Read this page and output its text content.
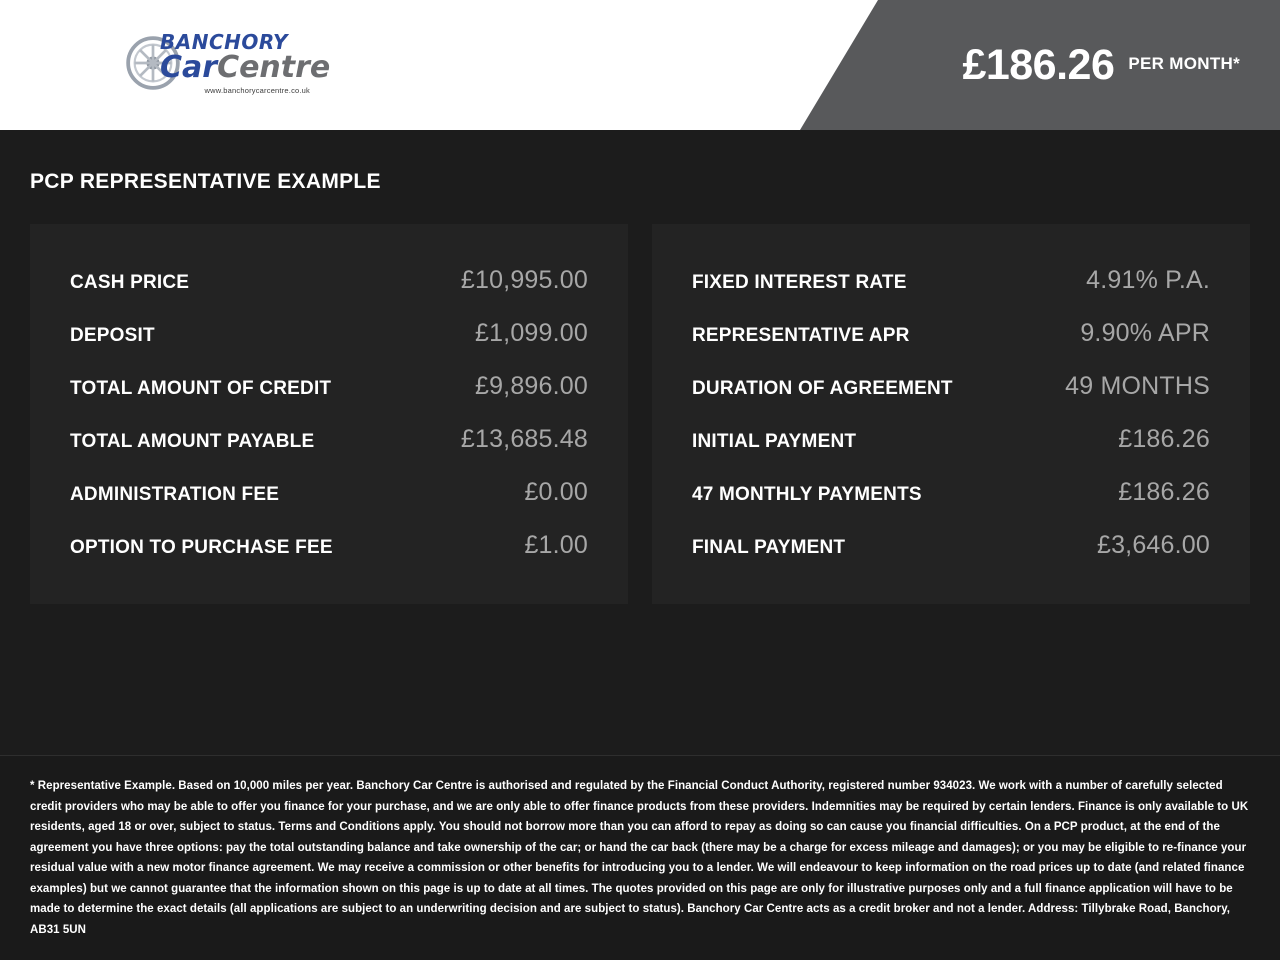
BANCHORY
CarCentre
www.banchorycarcentre.co.uk
£186.26 PER MONTH*
PCP REPRESENTATIVE EXAMPLE
CASH PRICE	£10,995.00
DEPOSIT	£1,099.00
TOTAL AMOUNT OF CREDIT	£9,896.00
TOTAL AMOUNT PAYABLE	£13,685.48
ADMINISTRATION FEE	£0.00
OPTION TO PURCHASE FEE	£1.00
FIXED INTEREST RATE	4.91% P.A.
REPRESENTATIVE APR	9.90% APR
DURATION OF AGREEMENT	49 MONTHS
INITIAL PAYMENT	£186.26
47 MONTHLY PAYMENTS	£186.26
FINAL PAYMENT	£3,646.00

* Representative Example. Based on 10,000 miles per year. Banchory Car Centre is authorised and regulated by the Financial Conduct Authority, registered number 934023. We work with a number of carefully selected credit providers who may be able to offer you finance for your purchase, and we are only able to offer finance products from these providers. Indemnities may be required by certain lenders. Finance is only available to UK residents, aged 18 or over, subject to status. Terms and Conditions apply. You should not borrow more than you can afford to repay as doing so can cause you financial difficulties. On a PCP product, at the end of the agreement you have three options: pay the total outstanding balance and take ownership of the car; or hand the car back (there may be a charge for excess mileage and damages); or you may be eligible to re-finance your residual value with a new motor finance agreement. We may receive a commission or other benefits for introducing you to a lender. We will endeavour to keep information on the road prices up to date (and related finance examples) but we cannot guarantee that the information shown on this page is up to date at all times. The quotes provided on this page are only for illustrative purposes only and a full finance application will have to be made to determine the exact details (all applications are subject to an underwriting decision and are subject to status). Banchory Car Centre acts as a credit broker and not a lender. Address: Tillybrake Road, Banchory, AB31 5UN
